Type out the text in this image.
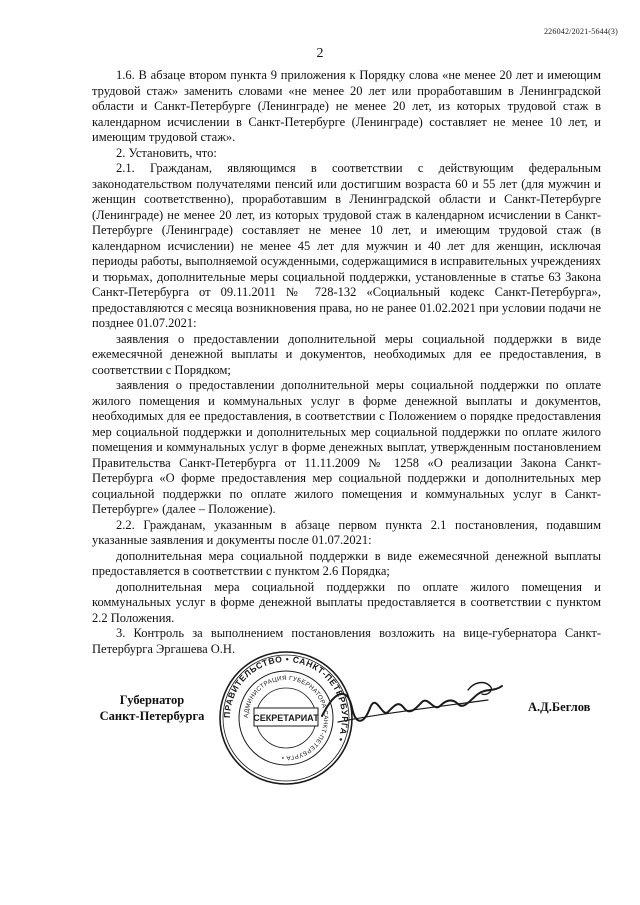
226042/2021-5644(3)
2

1.6. В абзаце втором пункта 9 приложения к Порядку слова «не менее 20 лет и имеющим трудовой стаж» заменить словами «не менее 20 лет или проработавшим в Ленинградской области и Санкт-Петербурге (Ленинграде) не менее 20 лет, из которых трудовой стаж в календарном исчислении в Санкт-Петербурге (Ленинграде) составляет не менее 10 лет, и имеющим трудовой стаж».

2. Установить, что:

2.1. Гражданам, являющимся в соответствии с действующим федеральным законодательством получателями пенсий или достигшим возраста 60 и 55 лет (для мужчин и женщин соответственно), проработавшим в Ленинградской области и Санкт-Петербурге (Ленинграде) не менее 20 лет, из которых трудовой стаж в календарном исчислении в Санкт-Петербурге (Ленинграде) составляет не менее 10 лет, и имеющим трудовой стаж (в календарном исчислении) не менее 45 лет для мужчин и 40 лет для женщин, исключая периоды работы, выполняемой осужденными, содержащимися в исправительных учреждениях и тюрьмах, дополнительные меры социальной поддержки, установленные в статье 63 Закона Санкт-Петербурга от 09.11.2011 № 728-132 «Социальный кодекс Санкт-Петербурга», предоставляются с месяца возникновения права, но не ранее 01.02.2021 при условии подачи не позднее 01.07.2021:

заявления о предоставлении дополнительной меры социальной поддержки в виде ежемесячной денежной выплаты и документов, необходимых для ее предоставления, в соответствии с Порядком;

заявления о предоставлении дополнительной меры социальной поддержки по оплате жилого помещения и коммунальных услуг в форме денежной выплаты и документов, необходимых для ее предоставления, в соответствии с Положением о порядке предоставления мер социальной поддержки и дополнительных мер социальной поддержки по оплате жилого помещения и коммунальных услуг в форме денежных выплат, утвержденным постановлением Правительства Санкт-Петербурга от 11.11.2009 № 1258 «О реализации Закона Санкт-Петербурга «О форме предоставления мер социальной поддержки и дополнительных мер социальной поддержки по оплате жилого помещения и коммунальных услуг в Санкт-Петербурге» (далее – Положение).

2.2. Гражданам, указанным в абзаце первом пункта 2.1 постановления, подавшим указанные заявления и документы после 01.07.2021:

дополнительная мера социальной поддержки в виде ежемесячной денежной выплаты предоставляется в соответствии с пунктом 2.6 Порядка;

дополнительная мера социальной поддержки по оплате жилого помещения и коммунальных услуг в форме денежной выплаты предоставляется в соответствии с пунктом 2.2 Положения.

3. Контроль за выполнением постановления возложить на вице-губернатора Санкт-Петербурга Эргашева О.Н.

Губернатор
Санкт-Петербурга	ПРАВИТЕЛЬСТВО • САНКТ-ПЕТЕРБУРГА •
АДМИНИСТРАЦИЯ ГУБЕРНАТОРА САНКТ-ПЕТЕРБУРГА •
СЕКРЕТАРИАТ
А.Д.Беглов
